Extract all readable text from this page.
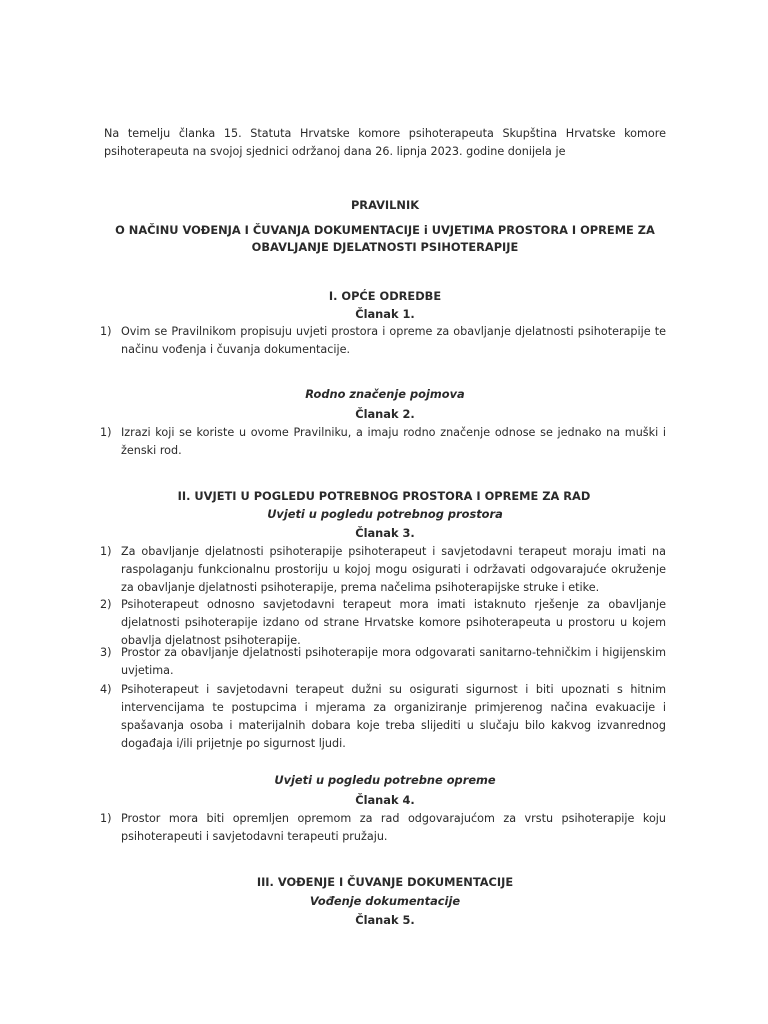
Na temelju članka 15. Statuta Hrvatske komore psihoterapeuta Skupština Hrvatske komore psihoterapeuta na svojoj sjednici održanoj dana 26. lipnja 2023. godine donijela je
PRAVILNIK
O NAČINU VOĐENJA I ČUVANJA DOKUMENTACIJE i UVJETIMA PROSTORA I OPREME ZA
OBAVLJANJE DJELATNOSTI PSIHOTERAPIJE
I. OPĆE ODREDBE
Članak 1.
1) Ovim se Pravilnikom propisuju uvjeti prostora i opreme za obavljanje djelatnosti psihoterapije te načinu vođenja i čuvanja dokumentacije.
Rodno značenje pojmova
Članak 2.
1) Izrazi koji se koriste u ovome Pravilniku, a imaju rodno značenje odnose se jednako na muški i ženski rod.
II. UVJETI U POGLEDU POTREBNOG PROSTORA I OPREME ZA RAD
Uvjeti u pogledu potrebnog prostora
Članak 3.
1) Za obavljanje djelatnosti psihoterapije psihoterapeut i savjetodavni terapeut moraju imati na raspolaganju funkcionalnu prostoriju u kojoj mogu osigurati i održavati odgovarajuće okruženje za obavljanje djelatnosti psihoterapije, prema načelima psihoterapijske struke i etike.
2) Psihoterapeut odnosno savjetodavni terapeut mora imati istaknuto rješenje za obavljanje djelatnosti psihoterapije izdano od strane Hrvatske komore psihoterapeuta u prostoru u kojem obavlja djelatnost psihoterapije.
3) Prostor za obavljanje djelatnosti psihoterapije mora odgovarati sanitarno-tehničkim i higijenskim uvjetima.
4) Psihoterapeut i savjetodavni terapeut dužni su osigurati sigurnost i biti upoznati s hitnim intervencijama te postupcima i mjerama za organiziranje primjerenog načina evakuacije i spašavanja osoba i materijalnih dobara koje treba slijediti u slučaju bilo kakvog izvanrednog događaja i/ili prijetnje po sigurnost ljudi.
Uvjeti u pogledu potrebne opreme
Članak 4.
1) Prostor mora biti opremljen opremom za rad odgovarajućom za vrstu psihoterapije koju psihoterapeuti i savjetodavni terapeuti pružaju.
III. VOĐENJE I ČUVANJE DOKUMENTACIJE
Vođenje dokumentacije
Članak 5.
